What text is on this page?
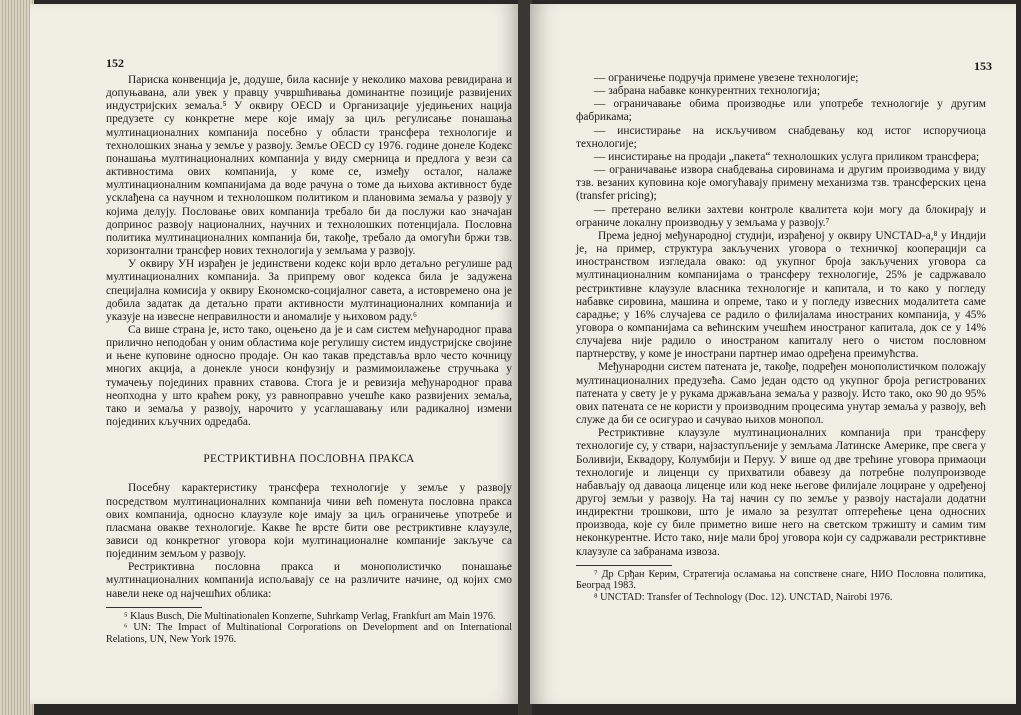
152

Париска конвенција је, додуше, била касније у неколико махова ревидирана и допуњавана, али увек у правцу учвршћивања доминантне позиције развијених индустријских земаља.⁵ У оквиру OECD и Организације уједињених нација предузете су конкретне мере које имају за циљ регулисање понашања мултинационалних компанија посебно у области трансфера технологије и технолошких знања у земље у развоју. Земље OECD су 1976. године донеле Кодекс понашања мултинационалних компанија у виду смерница и предлога у вези са активностима ових компанија, у коме се, између осталог, налаже мултинационалним компанијама да воде рачуна о томе да њихова активност буде усклађена са научном и технолошком политиком и плановима земаља у развоју у којима делују. Пословање ових компанија требало би да послужи као значајан допринос развоју националних, научних и технолошких потенцијала. Пословна политика мултинационалних компанија би, такође, требало да омогући бржи тзв. хоризонтални трансфер нових технологија у земљама у развоју.

У оквиру УН израђен је јединствени кодекс који врло детаљно регулише рад мултинационалних компанија. За припрему овог кодекса била је задужена специјална комисија у оквиру Економско-социјалног савета, а истовремено она је добила задатак да детаљно прати активности мултинационалних компанија и указује на извесне неправилности и аномалије у њиховом раду.⁶

Са више страна је, исто тако, оцењено да је и сам систем међународног права прилично неподобан у оним областима које регулишу систем индустријске својине и њене куповине односно продаје. Он као такав представља врло често кочницу многих акција, а донекле уноси конфузију и размимоилажење стручњака у тумачењу појединих правних ставова. Стога је и ревизија међународног права неопходна у што краћем року, уз равноправно учешће како развијених земаља, тако и земаља у развоју, нарочито у усаглашавању или радикалној измени појединих кључних одредаба.

РЕСТРИКТИВНА ПОСЛОВНА ПРАКСА

Посебну карактеристику трансфера технологије у земље у развоју посредством мултинационалних компанија чини већ поменута пословна пракса ових компанија, односно клаузуле које имају за циљ ограничење употребе и пласмана овакве технологије. Какве ће врсте бити ове рестриктивне клаузуле, зависи од конкретног уговора који мултинационалне компаније закључе са појединим земљом у развоју.

Рестриктивна пословна пракса и монополистичко понашање мултинационалних компанија испољавају се на различите начине, од којих смо навели неке од најчешћих облика:

⁵ Klaus Busch, Die Multinationalen Konzerne, Suhrkamp Verlag, Frankfurt am Main 1976.

⁶ UN: The Impact of Multinational Corporations on Development and on International Relations, UN, New York 1976.

153

— ограничење подручја примене увезене технологије;

— забрана набавке конкурентних технологија;

— ограничавање обима производње или употребе технологије у другим фабрикама;

— инсистирање на искључивом снабдевању код истог испоручиоца технологије;

— инсистирање на продаји „пакета“ технолошких услуга приликом трансфера;

— ограничавање извора снабдевања сировинама и другим производима у виду тзв. везаних куповина које омогућавају примену механизма тзв. трансферских цена (transfer pricing);

— претерано велики захтеви контроле квалитета који могу да блокирају и ограниче локалну производњу у земљама у развоју.⁷

Према једној међународној студији, израђеној у оквиру UNCTAD-а,⁸ у Индији је, на пример, структура закључених уговора о техничкој кооперацији са иностранством изгледала овако: од укупног броја закључених уговора са мултинационалним компанијама о трансферу технологије, 25% је садржавало рестриктивне клаузуле власника технологије и капитала, и то како у погледу набавке сировина, машина и опреме, тако и у погледу извесних модалитета саме сарадње; у 16% случајева се радило о филијалама иностраних компанија, у 45% уговора о компанијама са већинским учешћем иностраног капитала, док се у 14% случајева није радило о иностраном капиталу него о чистом пословном партнерству, у коме је инострани партнер имао одређена преимућства.

Међународни систем патената је, такође, подређен монополистичком положају мултинационалних предузећа. Само један одсто од укупног броја регистрованих патената у свету је у рукама држављана земаља у развоју. Исто тако, око 90 до 95% ових патената се не користи у производним процесима унутар земаља у развоју, већ служе да би се осигурао и сачувао њихов монопол.

Рестриктивне клаузуле мултинационалних компанија при трансферу технологије су, у ствари, најзаступљеније у земљама Латинске Америке, пре свега у Боливији, Еквадору, Колумбији и Перуу. У више од две трећине уговора примаоци технологије и лиценци су прихватили обавезу да потребне полупроизводе набављају од даваоца лиценце или код неке његове филијале лоциране у одређеној другој земљи у развоју. На тај начин су по земље у развоју настајали додатни индиректни трошкови, што је имало за резултат оптерећење цена односних производа, које су биле приметно више него на светском тржишту и самим тим неконкурентне. Исто тако, није мали број уговора који су садржавали рестриктивне клаузуле са забранама извоза.

⁷ Др Срђан Керим, Стратегија осламања на сопствене снаге, НИО Пословна политика, Београд 1983.

⁸ UNCTAD: Transfer of Technology (Doc. 12). UNCTAD, Nairobi 1976.
